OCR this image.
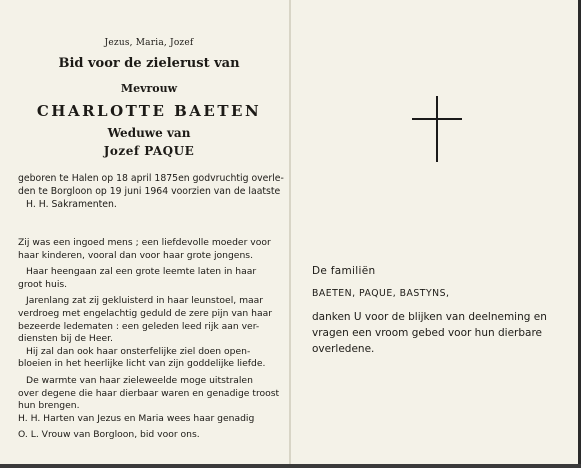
Jezus, Maria, Jozef
Bid voor de zielerust van
Mevrouw
CHARLOTTE BAETEN
Weduwe van
Jozef PAQUE
geboren te Halen op 18 april 1875en godvruchtig overle-
den te Borgloon op 19 juni 1964 voorzien van de laatste
H. H. Sakramenten.
Zij was een ingoed mens ; een liefdevolle moeder voor
haar kinderen, vooral dan voor haar grote jongens.
Haar heengaan zal een grote leemte laten in haar
groot huis.
Jarenlang zat zij gekluisterd in haar leunstoel, maar
verdroeg met engelachtig geduld de zere pijn van haar
bezeerde ledematen : een geleden leed rijk aan ver-
diensten bij de Heer.
Hij zal dan ook haar onsterfelijke ziel doen open-
bloeien in het heerlijke licht van zijn goddelijke liefde.
De warmte van haar zieleweelde moge uitstralen
over degene die haar dierbaar waren en genadige troost
hun brengen.
H. H. Harten van Jezus en Maria wees haar genadig
O. L. Vrouw van Borgloon, bid voor ons.
De familiën
BAETEN, PAQUE, BASTYNS,
danken U voor de blijken van deelneming en
vragen een vroom gebed voor hun dierbare
overledene.
